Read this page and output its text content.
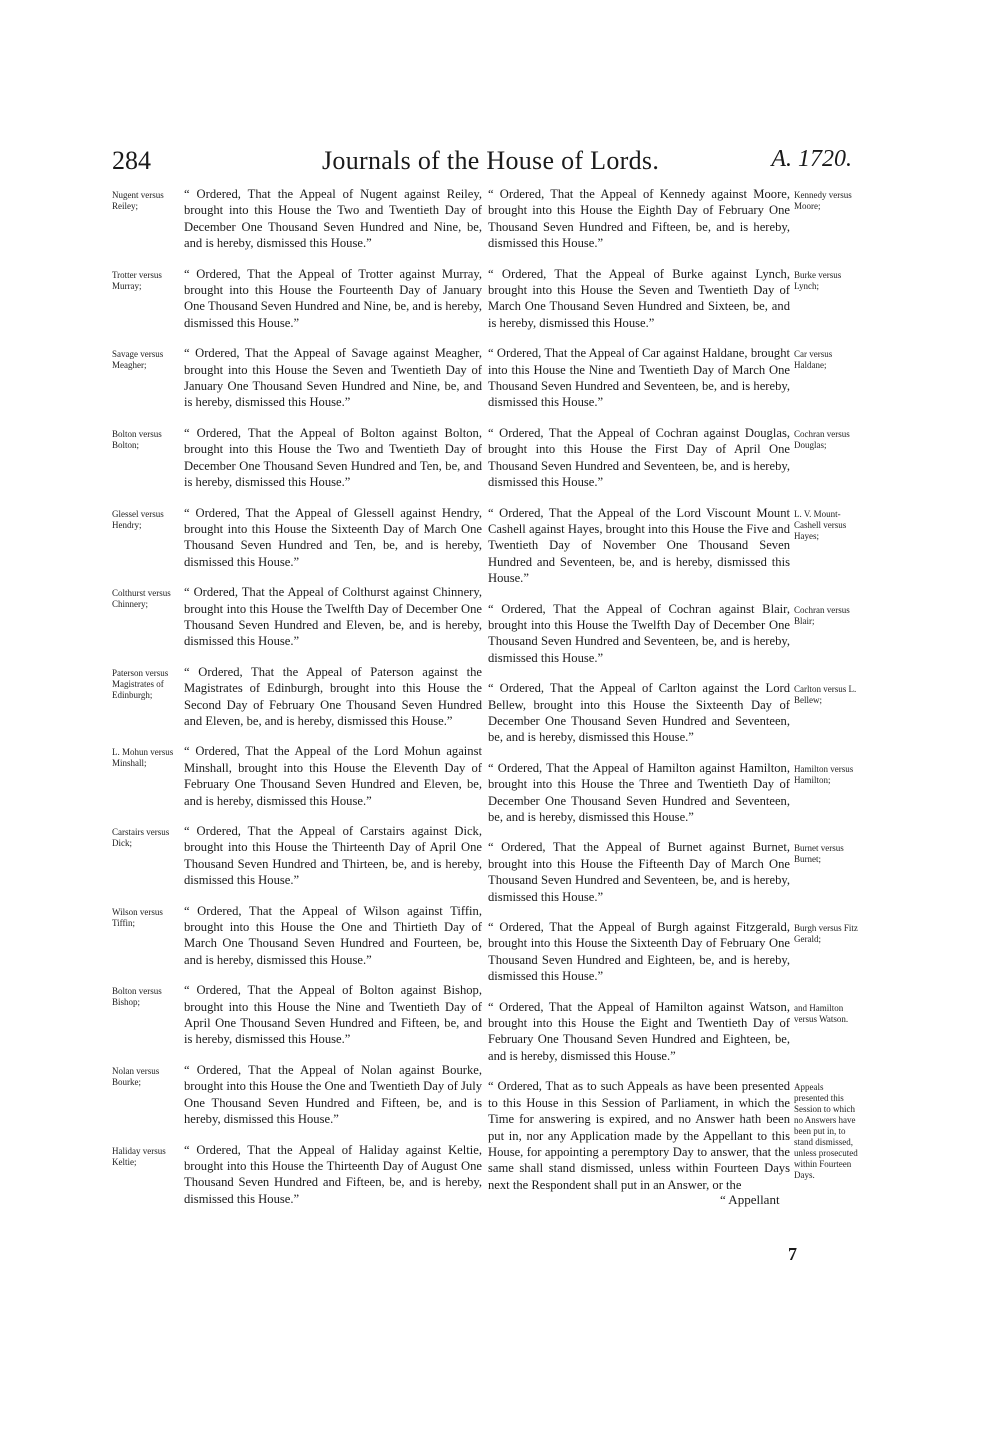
284	Journals of the House of Lords.	A. 1720.
Nugent versus Reiley;
“ Ordered, That the Appeal of Nugent against Reiley, brought into this House the Two and Twentieth Day of December One Thousand Seven Hundred and Nine, be, and is hereby, dismissed this House.”
Trotter versus Murray;
“ Ordered, That the Appeal of Trotter against Murray, brought into this House the Fourteenth Day of January One Thousand Seven Hundred and Nine, be, and is hereby, dismissed this House.”
Savage versus Meagher;
“ Ordered, That the Appeal of Savage against Meagher, brought into this House the Seven and Twentieth Day of January One Thousand Seven Hundred and Nine, be, and is hereby, dismissed this House.”
Bolton versus Bolton;
“ Ordered, That the Appeal of Bolton against Bolton, brought into this House the Two and Twentieth Day of December One Thousand Seven Hundred and Ten, be, and is hereby, dismissed this House.”
Glessel versus Hendry;
“ Ordered, That the Appeal of Glessell against Hendry, brought into this House the Sixteenth Day of March One Thousand Seven Hundred and Ten, be, and is hereby, dismissed this House.”
Colthurst versus Chinnery;
“ Ordered, That the Appeal of Colthurst against Chinnery, brought into this House the Twelfth Day of December One Thousand Seven Hundred and Eleven, be, and is hereby, dismissed this House.”
Paterson versus Magistrates of Edinburgh;
“ Ordered, That the Appeal of Paterson against the Magistrates of Edinburgh, brought into this House the Second Day of February One Thousand Seven Hundred and Eleven, be, and is hereby, dismissed this House.”
L. Mohun versus Minshall;
“ Ordered, That the Appeal of the Lord Mohun against Minshall, brought into this House the Eleventh Day of February One Thousand Seven Hundred and Eleven, be, and is hereby, dismissed this House.”
Carstairs versus Dick;
“ Ordered, That the Appeal of Carstairs against Dick, brought into this House the Thirteenth Day of April One Thousand Seven Hundred and Thirteen, be, and is hereby, dismissed this House.”
Wilson versus Tiffin;
“ Ordered, That the Appeal of Wilson against Tiffin, brought into this House the One and Thirtieth Day of March One Thousand Seven Hundred and Fourteen, be, and is hereby, dismissed this House.”
Bolton versus Bishop;
“ Ordered, That the Appeal of Bolton against Bishop, brought into this House the Nine and Twentieth Day of April One Thousand Seven Hundred and Fifteen, be, and is hereby, dismissed this House.”
Nolan versus Bourke;
“ Ordered, That the Appeal of Nolan against Bourke, brought into this House the One and Twentieth Day of July One Thousand Seven Hundred and Fifteen, be, and is hereby, dismissed this House.”
Haliday versus Keltie;
“ Ordered, That the Appeal of Haliday against Keltie, brought into this House the Thirteenth Day of August One Thousand Seven Hundred and Fifteen, be, and is hereby, dismissed this House.”
Kennedy versus Moore;
“ Ordered, That the Appeal of Kennedy against Moore, brought into this House the Eighth Day of February One Thousand Seven Hundred and Fifteen, be, and is hereby, dismissed this House.”
Burke versus Lynch;
“ Ordered, That the Appeal of Burke against Lynch, brought into this House the Seven and Twentieth Day of March One Thousand Seven Hundred and Sixteen, be, and is hereby, dismissed this House.”
Car versus Haldane;
“ Ordered, That the Appeal of Car against Haldane, brought into this House the Nine and Twentieth Day of March One Thousand Seven Hundred and Seventeen, be, and is hereby, dismissed this House.”
Cochran versus Douglas;
“ Ordered, That the Appeal of Cochran against Douglas, brought into this House the First Day of April One Thousand Seven Hundred and Seventeen, be, and is hereby, dismissed this House.”
L. V. Mount-Cashell versus Hayes;
“ Ordered, That the Appeal of the Lord Viscount Mount Cashell against Hayes, brought into this House the Five and Twentieth Day of November One Thousand Seven Hundred and Seventeen, be, and is hereby, dismissed this House.”
Cochran versus Blair;
“ Ordered, That the Appeal of Cochran against Blair, brought into this House the Twelfth Day of December One Thousand Seven Hundred and Seventeen, be, and is hereby, dismissed this House.”
Carlton versus L. Bellew;
“ Ordered, That the Appeal of Carlton against the Lord Bellew, brought into this House the Sixteenth Day of December One Thousand Seven Hundred and Seventeen, be, and is hereby, dismissed this House.”
Hamilton versus Hamilton;
“ Ordered, That the Appeal of Hamilton against Hamilton, brought into this House the Three and Twentieth Day of December One Thousand Seven Hundred and Seventeen, be, and is hereby, dismissed this House.”
Burnet versus Burnet;
“ Ordered, That the Appeal of Burnet against Burnet, brought into this House the Fifteenth Day of March One Thousand Seven Hundred and Seventeen, be, and is hereby, dismissed this House.”
Burgh versus Fitz Gerald;
“ Ordered, That the Appeal of Burgh against Fitzgerald, brought into this House the Sixteenth Day of February One Thousand Seven Hundred and Eighteen, be, and is hereby, dismissed this House.”
and Hamilton versus Watson.
“ Ordered, That the Appeal of Hamilton against Watson, brought into this House the Eight and Twentieth Day of February One Thousand Seven Hundred and Eighteen, be, and is hereby, dismissed this House.”
Appeals presented this Session to which no Answers have been put in, to stand dismissed, unless prosecuted within Fourteen Days.
“ Ordered, That as to such Appeals as have been presented to this House in this Session of Parliament, in which the Time for answering is expired, and no Answer hath been put in, nor any Application made by the Appellant to this House, for appointing a peremptory Day to answer, that the same shall stand dismissed, unless within Fourteen Days next the Respondent shall put in an Answer, or the
“ Appellant
7
